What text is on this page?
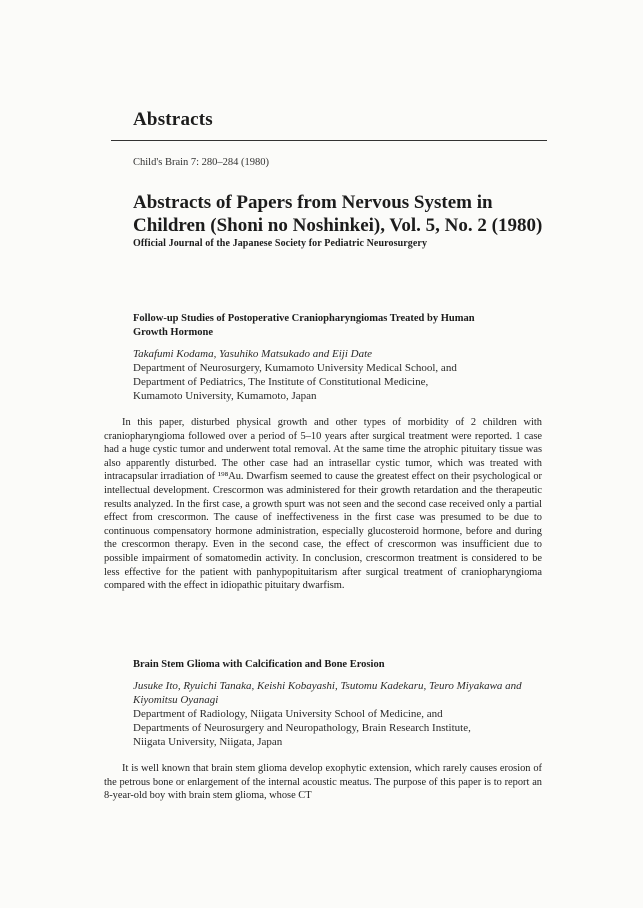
Abstracts
Child's Brain 7: 280–284 (1980)
Abstracts of Papers from Nervous System in Children (Shoni no Noshinkei), Vol. 5, No. 2 (1980)
Official Journal of the Japanese Society for Pediatric Neurosurgery
Follow-up Studies of Postoperative Craniopharyngiomas Treated by Human Growth Hormone
Takafumi Kodama, Yasuhiko Matsukado and Eiji Date
Department of Neurosurgery, Kumamoto University Medical School, and
Department of Pediatrics, The Institute of Constitutional Medicine,
Kumamoto University, Kumamoto, Japan
In this paper, disturbed physical growth and other types of morbidity of 2 children with craniopharyngioma followed over a period of 5–10 years after surgical treatment were reported. 1 case had a huge cystic tumor and underwent total removal. At the same time the atrophic pituitary tissue was also apparently disturbed. The other case had an intrasellar cystic tumor, which was treated with intracapsular irradiation of ¹⁹⁸Au. Dwarfism seemed to cause the greatest effect on their psychological or intellectual development. Crescormon was administered for their growth retardation and the therapeutic results analyzed. In the first case, a growth spurt was not seen and the second case received only a partial effect from crescormon. The cause of ineffectiveness in the first case was presumed to be due to continuous compensatory hormone administration, especially glucosteroid hormone, before and during the crescormon therapy. Even in the second case, the effect of crescormon was insufficient due to possible impairment of somatomedin activity. In conclusion, crescormon treatment is considered to be less effective for the patient with panhypopituitarism after surgical treatment of craniopharyngioma compared with the effect in idiopathic pituitary dwarfism.
Brain Stem Glioma with Calcification and Bone Erosion
Jusuke Ito, Ryuichi Tanaka, Keishi Kobayashi, Tsutomu Kadekaru, Teuro Miyakawa and Kiyomitsu Oyanagi
Department of Radiology, Niigata University School of Medicine, and
Departments of Neurosurgery and Neuropathology, Brain Research Institute,
Niigata University, Niigata, Japan
It is well known that brain stem glioma develop exophytic extension, which rarely causes erosion of the petrous bone or enlargement of the internal acoustic meatus. The purpose of this paper is to report an 8-year-old boy with brain stem glioma, whose CT
